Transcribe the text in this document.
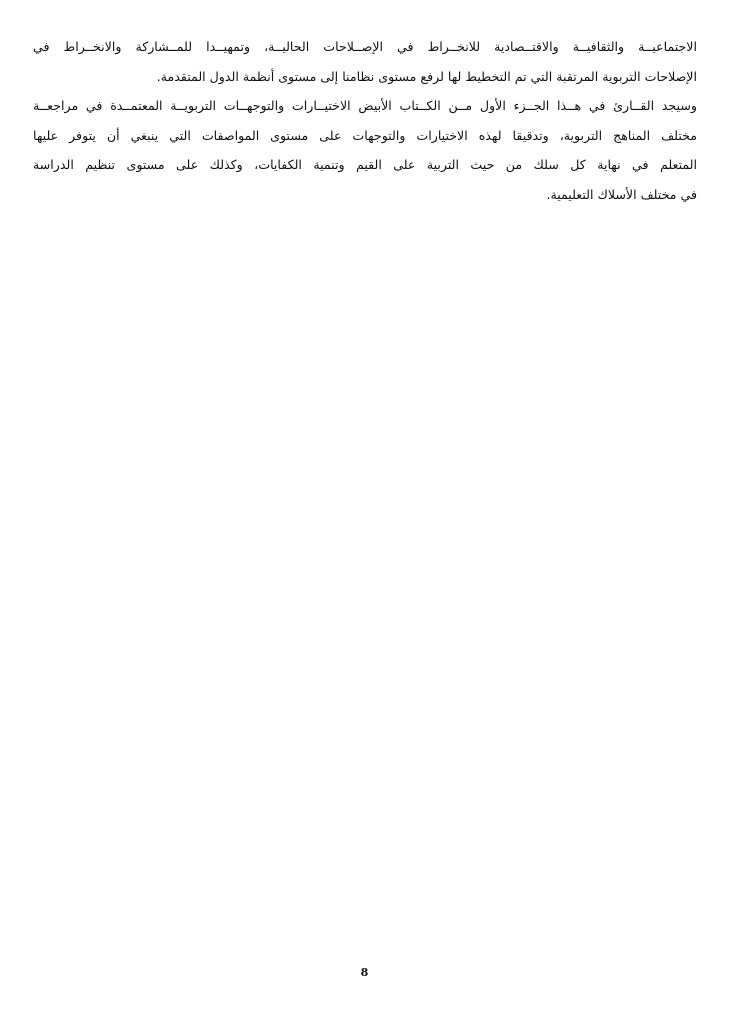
الاجتماعيــة والثقافيــة والاقتــصادية للانخــراط في الإصــلاحات الحاليــة، وتمهيــدا للمــشاركة والانخــراط في
الإصلاحات التربوية المرتقبة التي تم التخطيط لها لرفع مستوى نظامنا إلى مستوى أنظمة الدول المتقدمة.
وسيجد القــارئ في هــذا الجــزء الأول مــن الكــتاب الأبيض الاختيــارات والتوجهــات التربويــة المعتمــدة في مراجعــة
مختلف المناهج التربوية، وتدقيقا لهذه الاختيارات والتوجهات على مستوى المواصفات التي ينبغي أن يتوفر عليها
المتعلم في نهاية كل سلك من حيث التربية على القيم وتنمية الكفايات، وكذلك على مستوى تنظيم الدراسة
في مختلف الأسلاك التعليمية.
8
